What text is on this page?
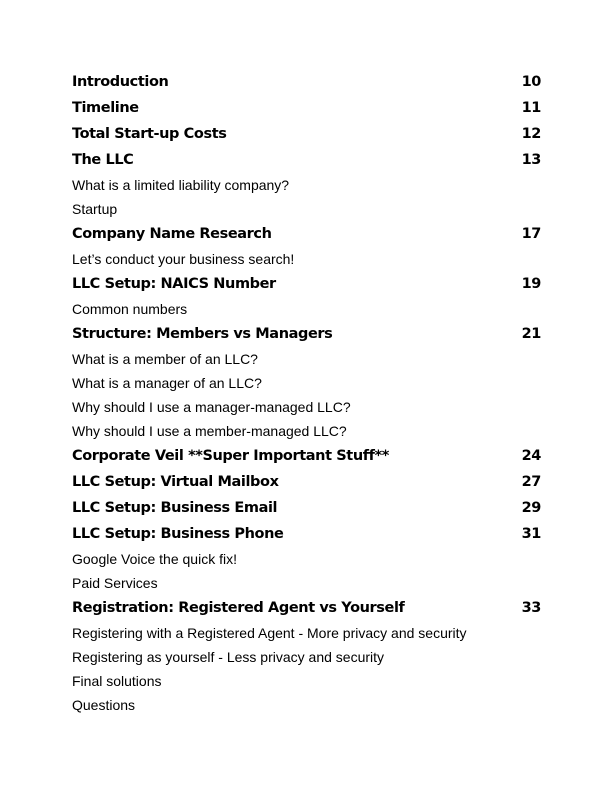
Introduction	10
Timeline	11
Total Start-up Costs	12
The LLC	13
What is a limited liability company?
Startup
Company Name Research	17
Let’s conduct your business search!
LLC Setup: NAICS Number	19
Common numbers
Structure: Members vs Managers	21
What is a member of an LLC?
What is a manager of an LLC?
Why should I use a manager-managed LLC?
Why should I use a member-managed LLC?
Corporate Veil **Super Important Stuff**	24
LLC Setup: Virtual Mailbox	27
LLC Setup: Business Email	29
LLC Setup: Business Phone	31
Google Voice the quick fix!
Paid Services
Registration: Registered Agent vs Yourself	33
Registering with a Registered Agent - More privacy and security
Registering as yourself - Less privacy and security
Final solutions
Questions
